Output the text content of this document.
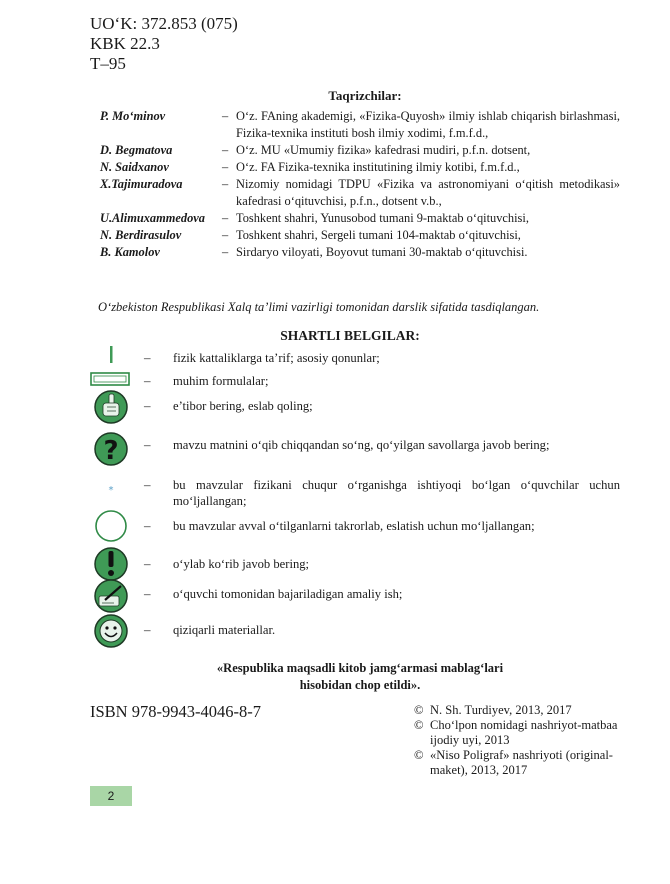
UO‘K: 372.853 (075)
KBK 22.3
T–95
Taqrizchilar:
P. Mo‘minov	– O‘z. FAning akademigi, «Fizika-Quyosh» ilmiy ishlab chiqarish birlashmasi, Fizika-texnika instituti bosh ilmiy xodimi, f.m.f.d.,
D. Begmatova	– O‘z. MU «Umumiy fizika» kafedrasi mudiri, p.f.n. dotsent,
N. Saidxanov	– O‘z. FA Fizika-texnika institutining ilmiy kotibi, f.m.f.d.,
X.Tajimuradova	– Nizomiy nomidagi TDPU «Fizika va astronomiyani o‘qitish metodikasi» kafedrasi o‘qituvchisi, p.f.n., dotsent v.b.,
U.Alimuxammedova	– Toshkent shahri, Yunusobod tumani 9-maktab o‘qituvchisi,
N. Berdirasulov	– Toshkent shahri, Sergeli tumani 104-maktab o‘qituvchisi,
B. Kamolov	– Sirdaryo viloyati, Boyovut tumani 30-maktab o‘qituvchisi.
O‘zbekiston Respublikasi Xalq ta’limi vazirligi tomonidan darslik sifatida tasdiqlangan.
SHARTLI BELGILAR:
– fizik kattaliklarga ta’rif; asosiy qonunlar;
– muhim formulalar;
– e’tibor bering, eslab qoling;
? – mavzu matnini o‘qib chiqqandan so‘ng, qo‘yilgan savollarga javob bering;
* – bu mavzular fizikani chuqur o‘rganishga ishtiyoqi bo‘lgan o‘quvchilar uchun mo‘ljallangan;
– bu mavzular avval o‘tilganlarni takrorlab, eslatish uchun mo‘ljallangan;
– o‘ylab ko‘rib javob bering;
– o‘quvchi tomonidan bajariladigan amaliy ish;
– qiziqarli materiallar.
«Respublika maqsadli kitob jamg‘armasi mablag‘lari
hisobidan chop etildi».
ISBN 978-9943-4046-8-7	© N. Sh. Turdiyev, 2013, 2017
© Cho‘lpon nomidagi nashriyot-matbaa ijodiy uyi, 2013
© «Niso Poligraf» nashriyoti (original-maket), 2013, 2017
2
